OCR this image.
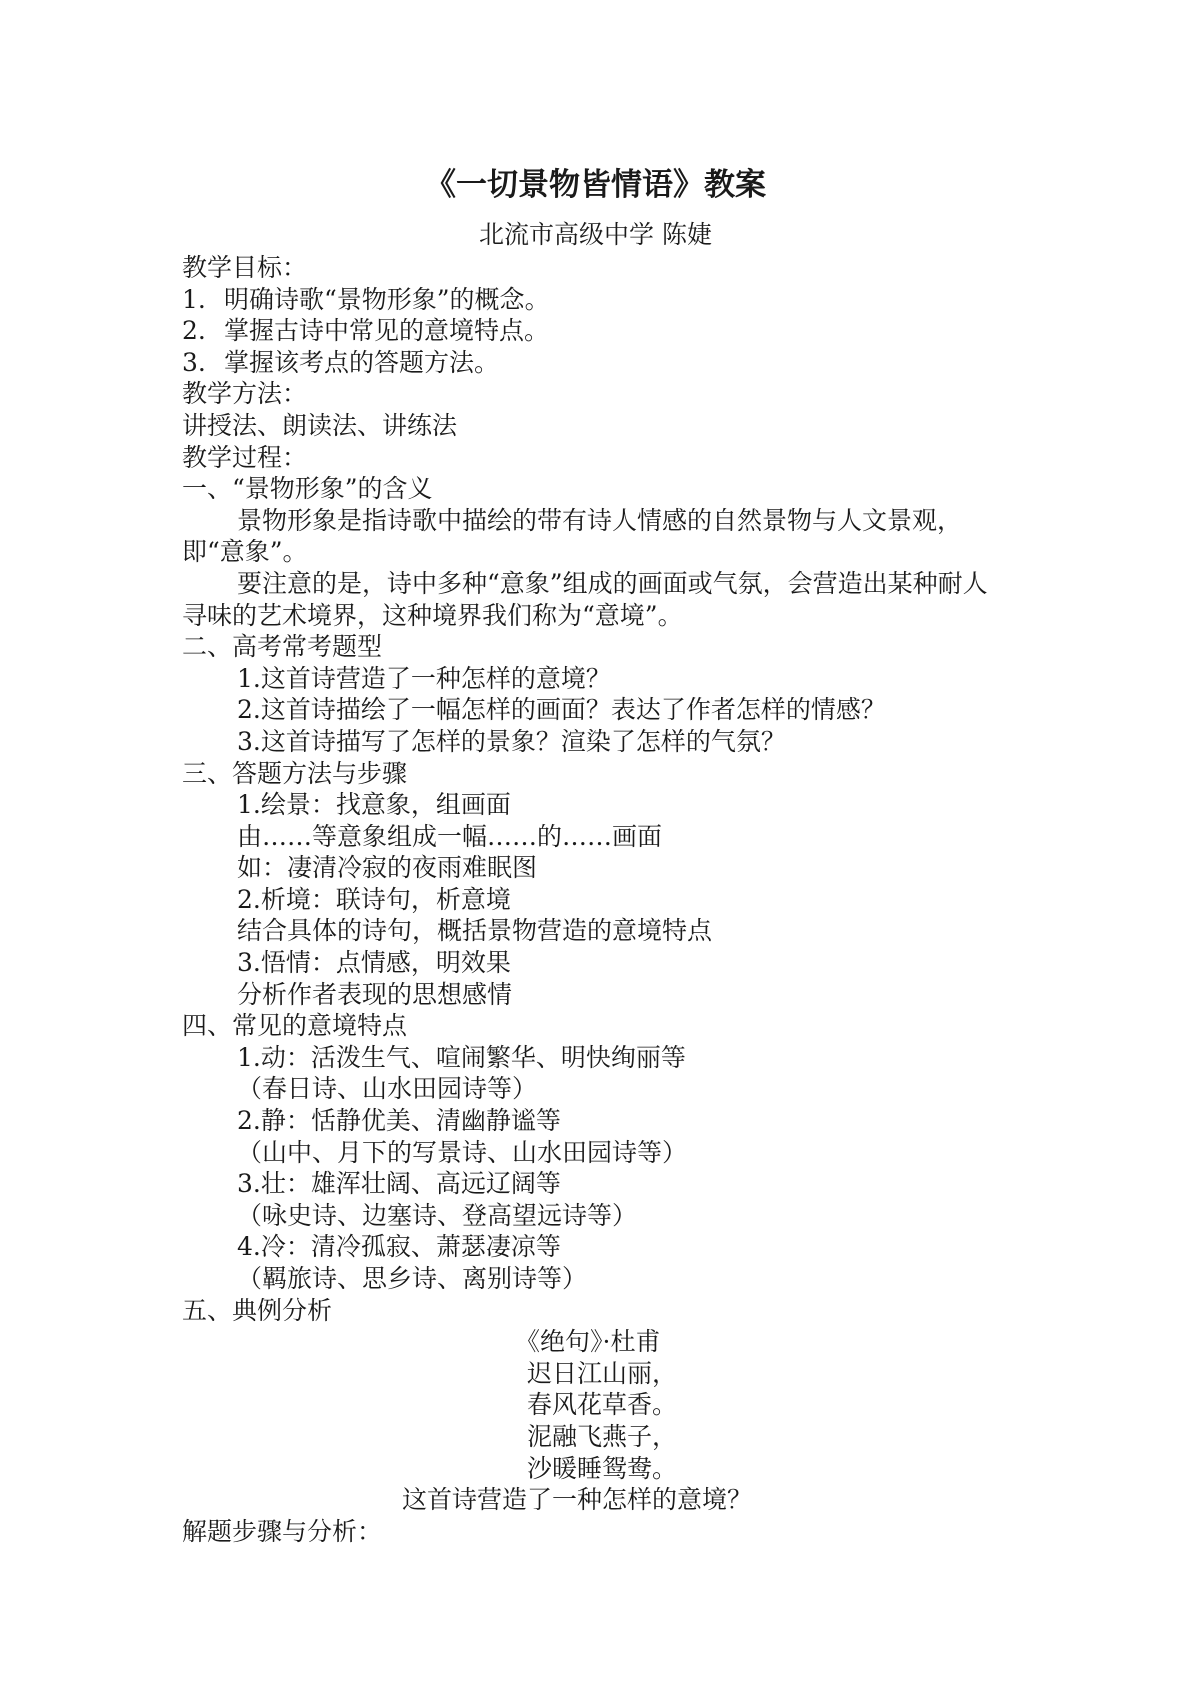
《一切景物皆情语》教案
北流市高级中学 陈婕

教学目标：

1. 明确诗歌“景物形象”的概念。

2. 掌握古诗中常见的意境特点。

3. 掌握该考点的答题方法。

教学方法：

讲授法、朗读法、讲练法

教学过程：

一、“景物形象”的含义

景物形象是指诗歌中描绘的带有诗人情感的自然景物与人文景观，即“意象”。

要注意的是，诗中多种“意象”组成的画面或气氛，会营造出某种耐人寻味的艺术境界，这种境界我们称为“意境”。

二、高考常考题型

1.这首诗营造了一种怎样的意境？

2.这首诗描绘了一幅怎样的画面？表达了作者怎样的情感？

3.这首诗描写了怎样的景象？渲染了怎样的气氛？

三、答题方法与步骤

1.绘景：找意象，组画面

由……等意象组成一幅……的……画面

如：凄清冷寂的夜雨难眠图

2.析境：联诗句，析意境

结合具体的诗句，概括景物营造的意境特点

3.悟情：点情感，明效果

分析作者表现的思想感情

四、常见的意境特点

1.动：活泼生气、喧闹繁华、明快绚丽等

（春日诗、山水田园诗等）

2.静：恬静优美、清幽静谧等

（山中、月下的写景诗、山水田园诗等）

3.壮：雄浑壮阔、高远辽阔等

（咏史诗、边塞诗、登高望远诗等）

4.冷：清冷孤寂、萧瑟凄凉等

（羁旅诗、思乡诗、离别诗等）

五、典例分析

《绝句》·杜甫

迟日江山丽，

春风花草香。

泥融飞燕子，

沙暖睡鸳鸯。

这首诗营造了一种怎样的意境？

解题步骤与分析：
